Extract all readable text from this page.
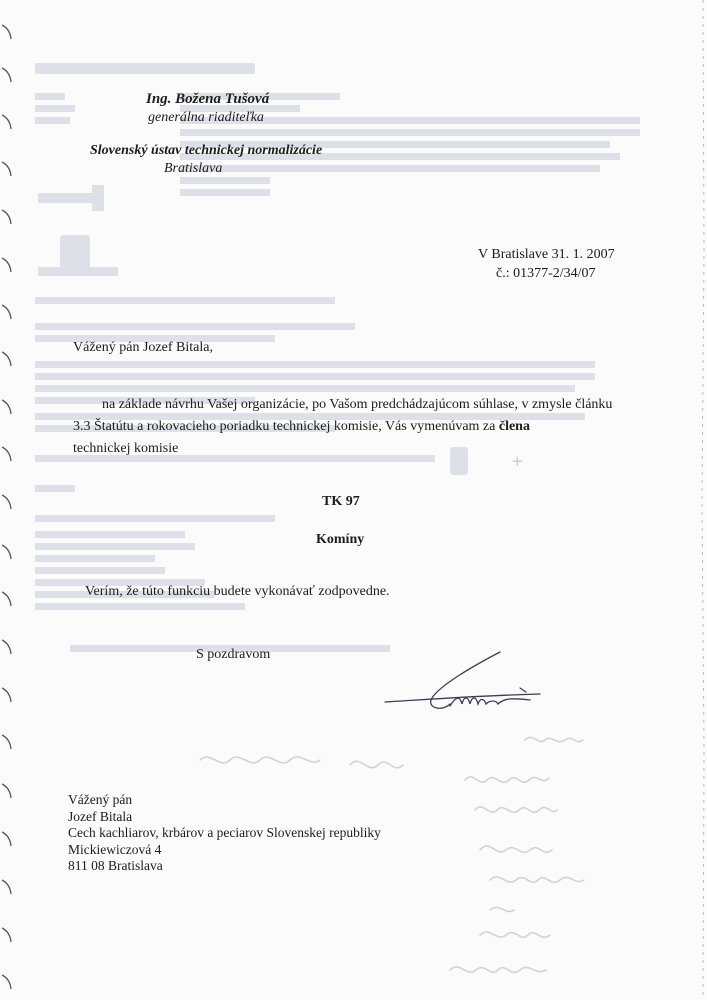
+
Ing. Božena Tušová
generálna riaditeľka
Slovenský ústav technickej normalizácie
Bratislava
V Bratislave 31. 1. 2007
č.: 01377-2/34/07
Vážený pán Jozef Bitala,
na základe návrhu Vašej organizácie, po Vašom predchádzajúcom súhlase, v zmysle článku 3.3 Štatútu a rokovacieho poriadku technickej komisie, Vás vymenúvam za člena
technickej komisie
TK 97
Komíny
Verím, že túto funkciu budete vykonávať zodpovedne.
S pozdravom
Vážený pán
Jozef Bitala
Cech kachliarov, krbárov a peciarov Slovenskej republiky
Mickiewiczová 4
811 08 Bratislava
